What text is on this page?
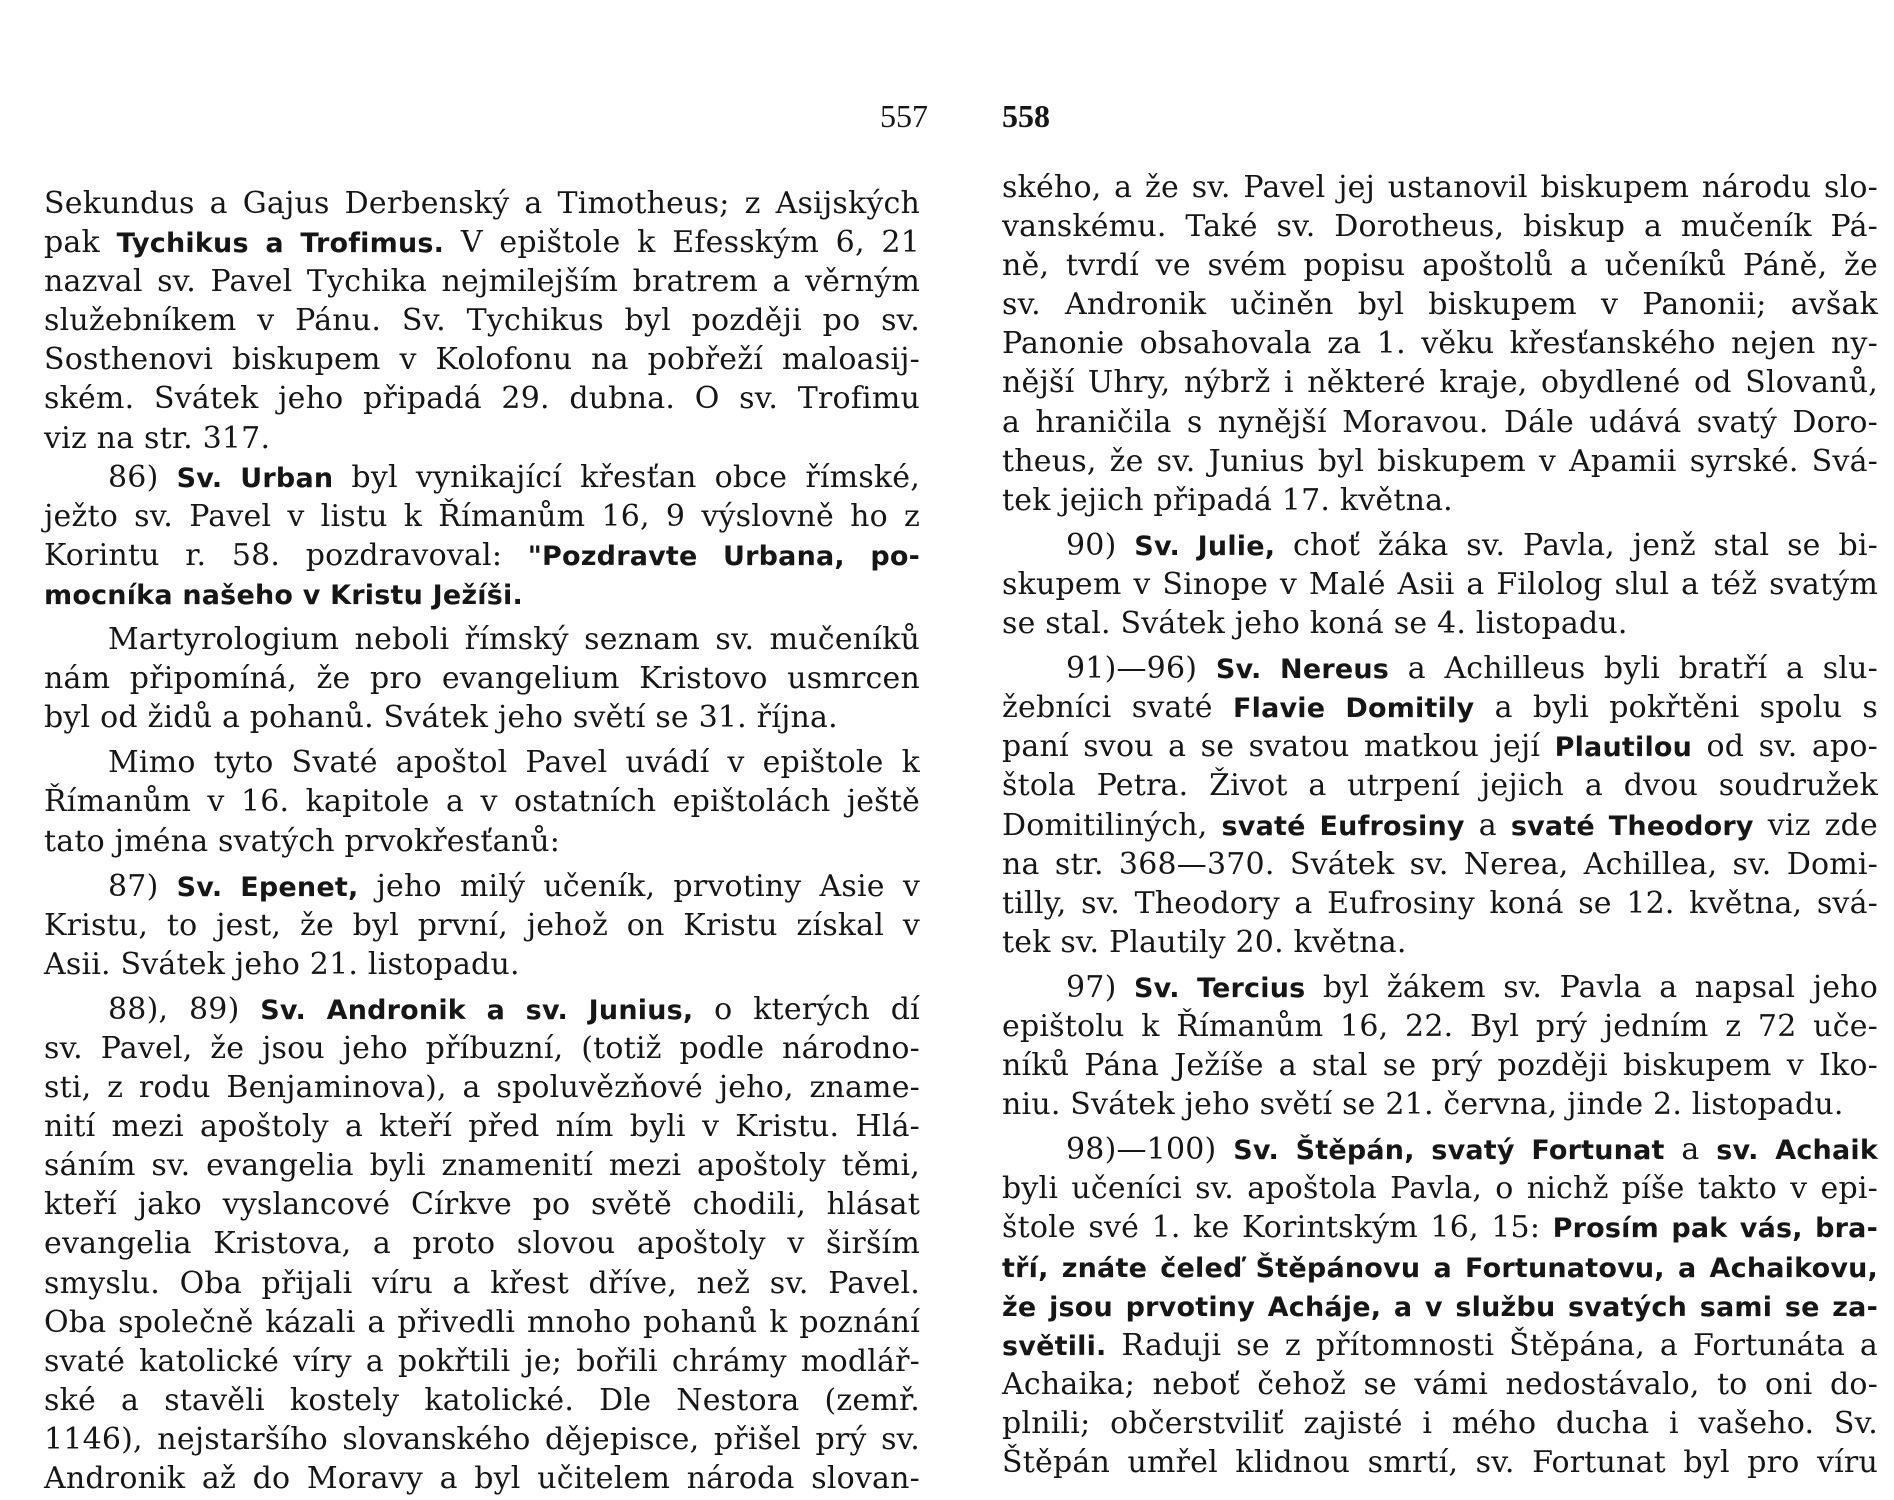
557
Sekundus a Gajus Derbenský a Timotheus; z Asijských
pak Tychikus a Trofimus. V epištole k Efesským 6, 21
nazval sv. Pavel Tychika nejmilejším bratrem a věrným
služebníkem v Pánu. Sv. Tychikus byl později po sv.
Sosthenovi biskupem v Kolofonu na pobřeží maloasij-
ském. Svátek jeho připadá 29. dubna. O sv. Trofimu
viz na str. 317.
86) Sv. Urban byl vynikající křesťan obce římské,
ježto sv. Pavel v listu k Římanům 16, 9 výslovně ho z
Korintu r. 58. pozdravoval: "Pozdravte Urbana, po-
mocníka našeho v Kristu Ježíši.
Martyrologium neboli římský seznam sv. mučeníků
nám připomíná, že pro evangelium Kristovo usmrcen
byl od židů a pohanů. Svátek jeho světí se 31. října.
Mimo tyto Svaté apoštol Pavel uvádí v epištole k
Římanům v 16. kapitole a v ostatních epištolách ještě
tato jména svatých prvokřesťanů:
87) Sv. Epenet, jeho milý učeník, prvotiny Asie v
Kristu, to jest, že byl první, jehož on Kristu získal v
Asii. Svátek jeho 21. listopadu.
88), 89) Sv. Andronik a sv. Junius, o kterých dí
sv. Pavel, že jsou jeho příbuzní, (totiž podle národno-
sti, z rodu Benjaminova), a spoluvězňové jeho, zname-
nití mezi apoštoly a kteří před ním byli v Kristu. Hlá-
sáním sv. evangelia byli znamenití mezi apoštoly těmi,
kteří jako vyslancové Církve po světě chodili, hlásat
evangelia Kristova, a proto slovou apoštoly v širším
smyslu. Oba přijali víru a křest dříve, než sv. Pavel.
Oba společně kázali a přivedli mnoho pohanů k poznání
svaté katolické víry a pokřtili je; bořili chrámy modlář-
ské a stavěli kostely katolické. Dle Nestora (zemř.
1146), nejstaršího slovanského dějepisce, přišel prý sv.
Andronik až do Moravy a byl učitelem národa slovan-
558
ského, a že sv. Pavel jej ustanovil biskupem národu slo-
vanskému. Také sv. Dorotheus, biskup a mučeník Pá-
ně, tvrdí ve svém popisu apoštolů a učeníků Páně, že
sv. Andronik učiněn byl biskupem v Panonii; avšak
Panonie obsahovala za 1. věku křesťanského nejen ny-
nější Uhry, nýbrž i některé kraje, obydlené od Slovanů,
a hraničila s nynější Moravou. Dále udává svatý Doro-
theus, že sv. Junius byl biskupem v Apamii syrské. Svá-
tek jejich připadá 17. května.
90) Sv. Julie, choť žáka sv. Pavla, jenž stal se bi-
skupem v Sinope v Malé Asii a Filolog slul a též svatým
se stal. Svátek jeho koná se 4. listopadu.
91)—96) Sv. Nereus a Achilleus byli bratří a slu-
žebníci svaté Flavie Domitily a byli pokřtěni spolu s
paní svou a se svatou matkou její Plautilou od sv. apo-
štola Petra. Život a utrpení jejich a dvou soudružek
Domitiliných, svaté Eufrosiny a svaté Theodory viz zde
na str. 368—370. Svátek sv. Nerea, Achillea, sv. Domi-
tilly, sv. Theodory a Eufrosiny koná se 12. května, svá-
tek sv. Plautily 20. května.
97) Sv. Tercius byl žákem sv. Pavla a napsal jeho
epištolu k Římanům 16, 22. Byl prý jedním z 72 uče-
níků Pána Ježíše a stal se prý později biskupem v Iko-
niu. Svátek jeho světí se 21. června, jinde 2. listopadu.
98)—100) Sv. Štěpán, svatý Fortunat a sv. Achaik
byli učeníci sv. apoštola Pavla, o nichž píše takto v epi-
štole své 1. ke Korintským 16, 15: Prosím pak vás, bra-
tří, znáte čeleď Štěpánovu a Fortunatovu, a Achaikovu,
že jsou prvotiny Acháje, a v službu svatých sami se za-
světili. Raduji se z přítomnosti Štěpána, a Fortunáta a
Achaika; neboť čehož se vámi nedostávalo, to oni do-
plnili; občerstviliť zajisté i mého ducha i vašeho. Sv.
Štěpán umřel klidnou smrtí, sv. Fortunat byl pro víru
